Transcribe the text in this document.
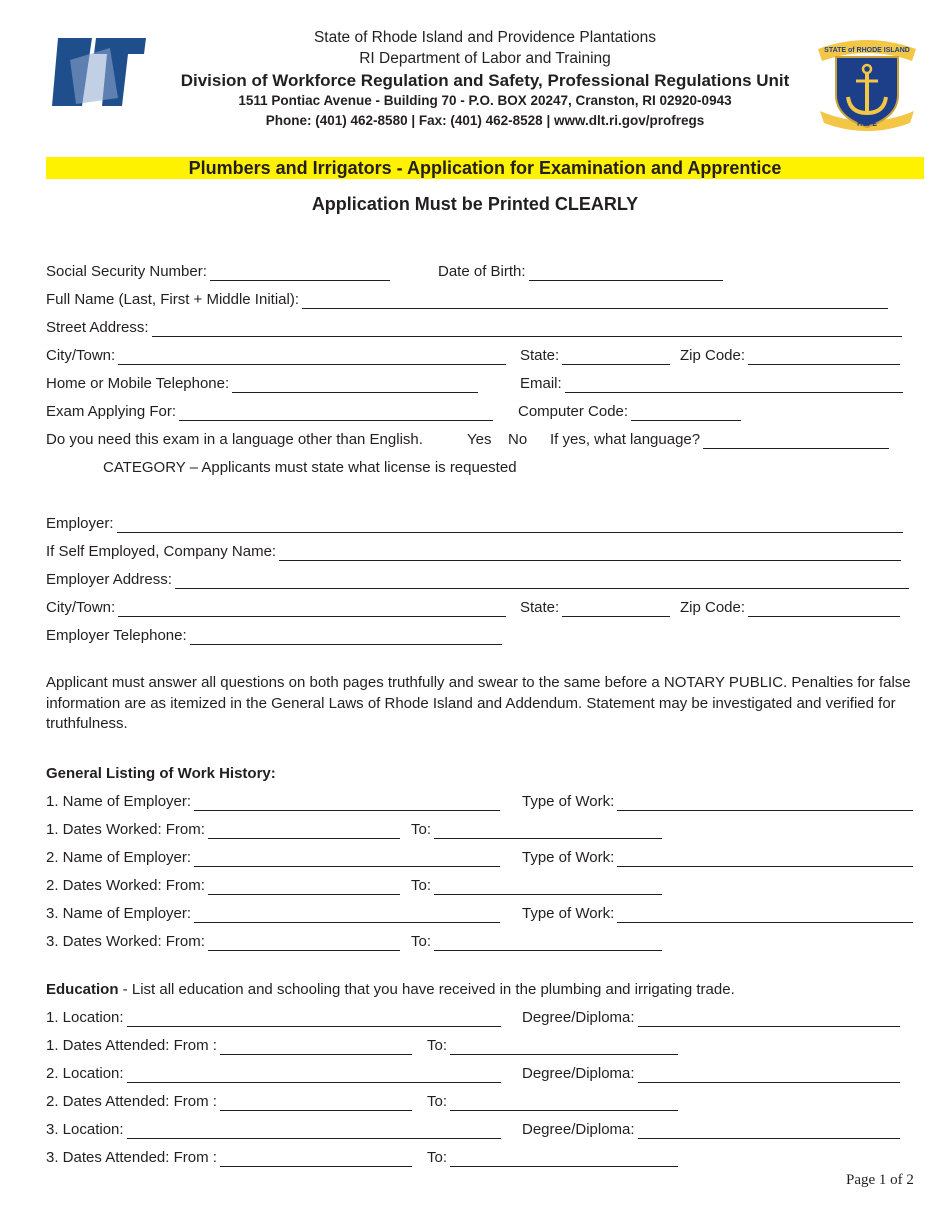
LT
STATE of RHODE ISLAND
HOPE
State of Rhode Island and Providence Plantations
RI Department of Labor and Training
Division of Workforce Regulation and Safety, Professional Regulations Unit
1511 Pontiac Avenue - Building 70 - P.O. BOX 20247, Cranston, RI 02920-0943
Phone: (401) 462-8580 | Fax: (401) 462-8528 | www.dlt.ri.gov/profregs
Plumbers and Irrigators - Application for Examination and Apprentice
Application Must be Printed CLEARLY
Social Security Number:	Date of Birth:
Full Name (Last, First + Middle Initial):
Street Address:
City/Town:	State:	Zip Code:
Home or Mobile Telephone:	Email:
Exam Applying For:	Computer Code:
Do you need this exam in a language other than English.	Yes No If yes, what language?
CATEGORY – Applicants must state what license is requested
Employer:
If Self Employed, Company Name:
Employer Address:
City/Town:	State:	Zip Code:
Employer Telephone:
Applicant must answer all questions on both pages truthfully and swear to the same before a NOTARY PUBLIC. Penalties for false information are as itemized in the General Laws of Rhode Island and Addendum. Statement may be investigated and verified for truthfulness.
General Listing of Work History:
1. Name of Employer:	Type of Work:
1. Dates Worked: From:	To:
2. Name of Employer:	Type of Work:
2. Dates Worked: From:	To:
3. Name of Employer:	Type of Work:
3. Dates Worked: From:	To:
Education - List all education and schooling that you have received in the plumbing and irrigating trade.
1. Location:	Degree/Diploma:
1. Dates Attended: From :	To:
2. Location:	Degree/Diploma:
2. Dates Attended: From :	To:
3. Location:	Degree/Diploma:
3. Dates Attended: From :	To:
Page 1 of 2
